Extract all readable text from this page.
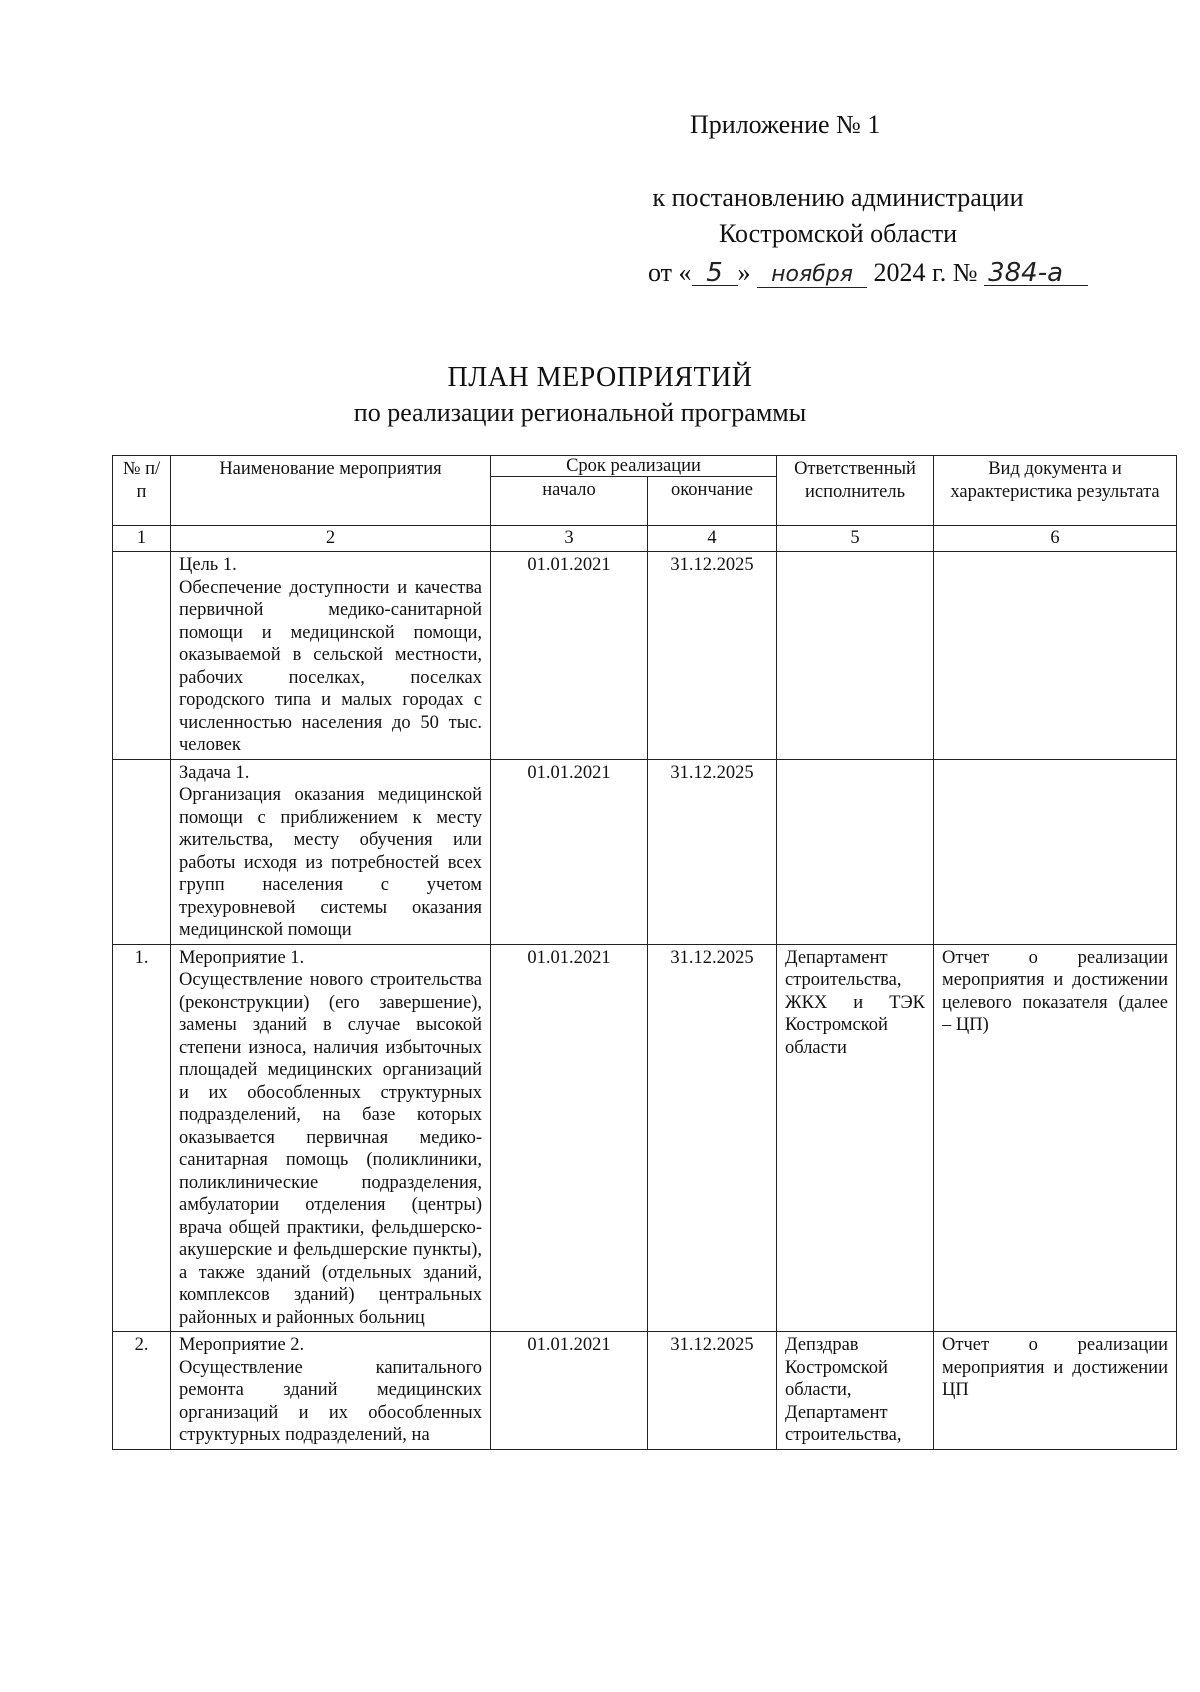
Приложение № 1
к постановлению администрации
Костромской области
от « 5 » ноября 2024 г. № 384-а
ПЛАН МЕРОПРИЯТИЙ
по реализации региональной программы
№ п/п	Наименование мероприятия	Срок реализации		Ответственный исполнитель	Вид документа и характеристика результата
		начало	окончание		
1	2	3	4	5	6

	Цель 1.
Обеспечение доступности и качества первичной медико-санитарной помощи и медицинской помощи, оказываемой в сельской местности, рабочих поселках, поселках городского типа и малых городах с численностью населения до 50 тыс. человек	01.01.2021	31.12.2025		

	Задача 1.
Организация оказания медицинской помощи с приближением к месту жительства, месту обучения или работы исходя из потребностей всех групп населения с учетом трехуровневой системы оказания медицинской помощи	01.01.2021	31.12.2025		
1.	Мероприятие 1.
Осуществление нового строительства (реконструкции) (его завершение), замены зданий в случае высокой степени износа, наличия избыточных площадей медицинских организаций и их обособленных структурных подразделений, на базе которых оказывается первичная медико-санитарная помощь (поликлиники, поликлинические подразделения, амбулатории отделения (центры) врача общей практики, фельдшерско-акушерские и фельдшерские пункты), а также зданий (отдельных зданий, комплексов зданий) центральных районных и районных больниц	01.01.2021	31.12.2025	Департамент строительства, ЖКХ и ТЭК Костромской области	Отчет о реализации мероприятия и достижении целевого показателя (далее – ЦП)
2.	Мероприятие 2.
Осуществление капитального ремонта зданий медицинских организаций и их обособленных структурных подразделений, на	01.01.2021	31.12.2025	Депздрав Костромской области, Департамент строительства,	Отчет о реализации мероприятия и достижении ЦП
